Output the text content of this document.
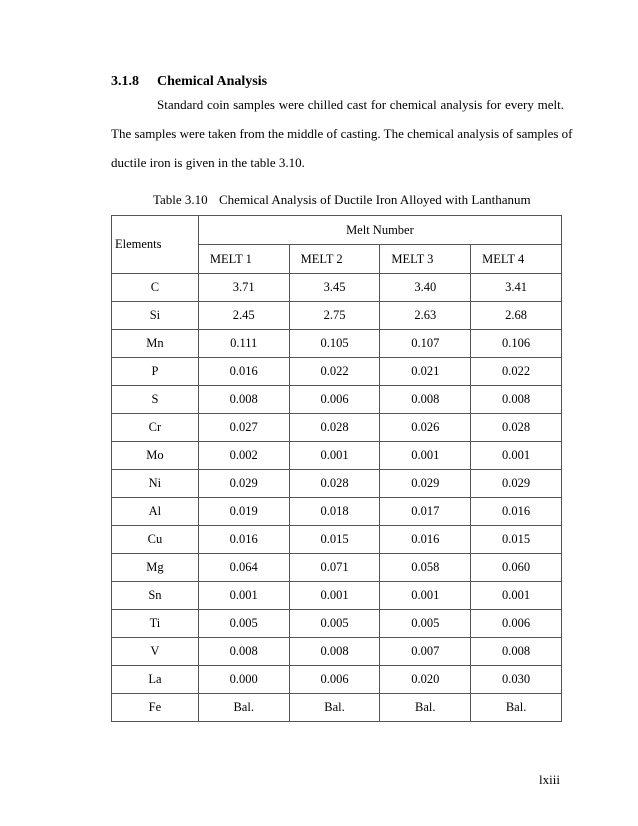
3.1.8 Chemical Analysis
Standard coin samples were chilled cast for chemical analysis for every melt.
The samples were taken from the middle of casting. The chemical analysis of samples of
ductile iron is given in the table 3.10.
Table 3.10 Chemical Analysis of Ductile Iron Alloyed with Lanthanum
Elements	Melt Number			
	MELT 1	MELT 2	MELT 3	MELT 4
C	3.71	3.45	3.40	3.41
Si	2.45	2.75	2.63	2.68
Mn	0.111	0.105	0.107	0.106
P	0.016	0.022	0.021	0.022
S	0.008	0.006	0.008	0.008
Cr	0.027	0.028	0.026	0.028
Mo	0.002	0.001	0.001	0.001
Ni	0.029	0.028	0.029	0.029
Al	0.019	0.018	0.017	0.016
Cu	0.016	0.015	0.016	0.015
Mg	0.064	0.071	0.058	0.060
Sn	0.001	0.001	0.001	0.001
Ti	0.005	0.005	0.005	0.006
V	0.008	0.008	0.007	0.008
La	0.000	0.006	0.020	0.030
Fe	Bal.	Bal.	Bal.	Bal.
lxiii
